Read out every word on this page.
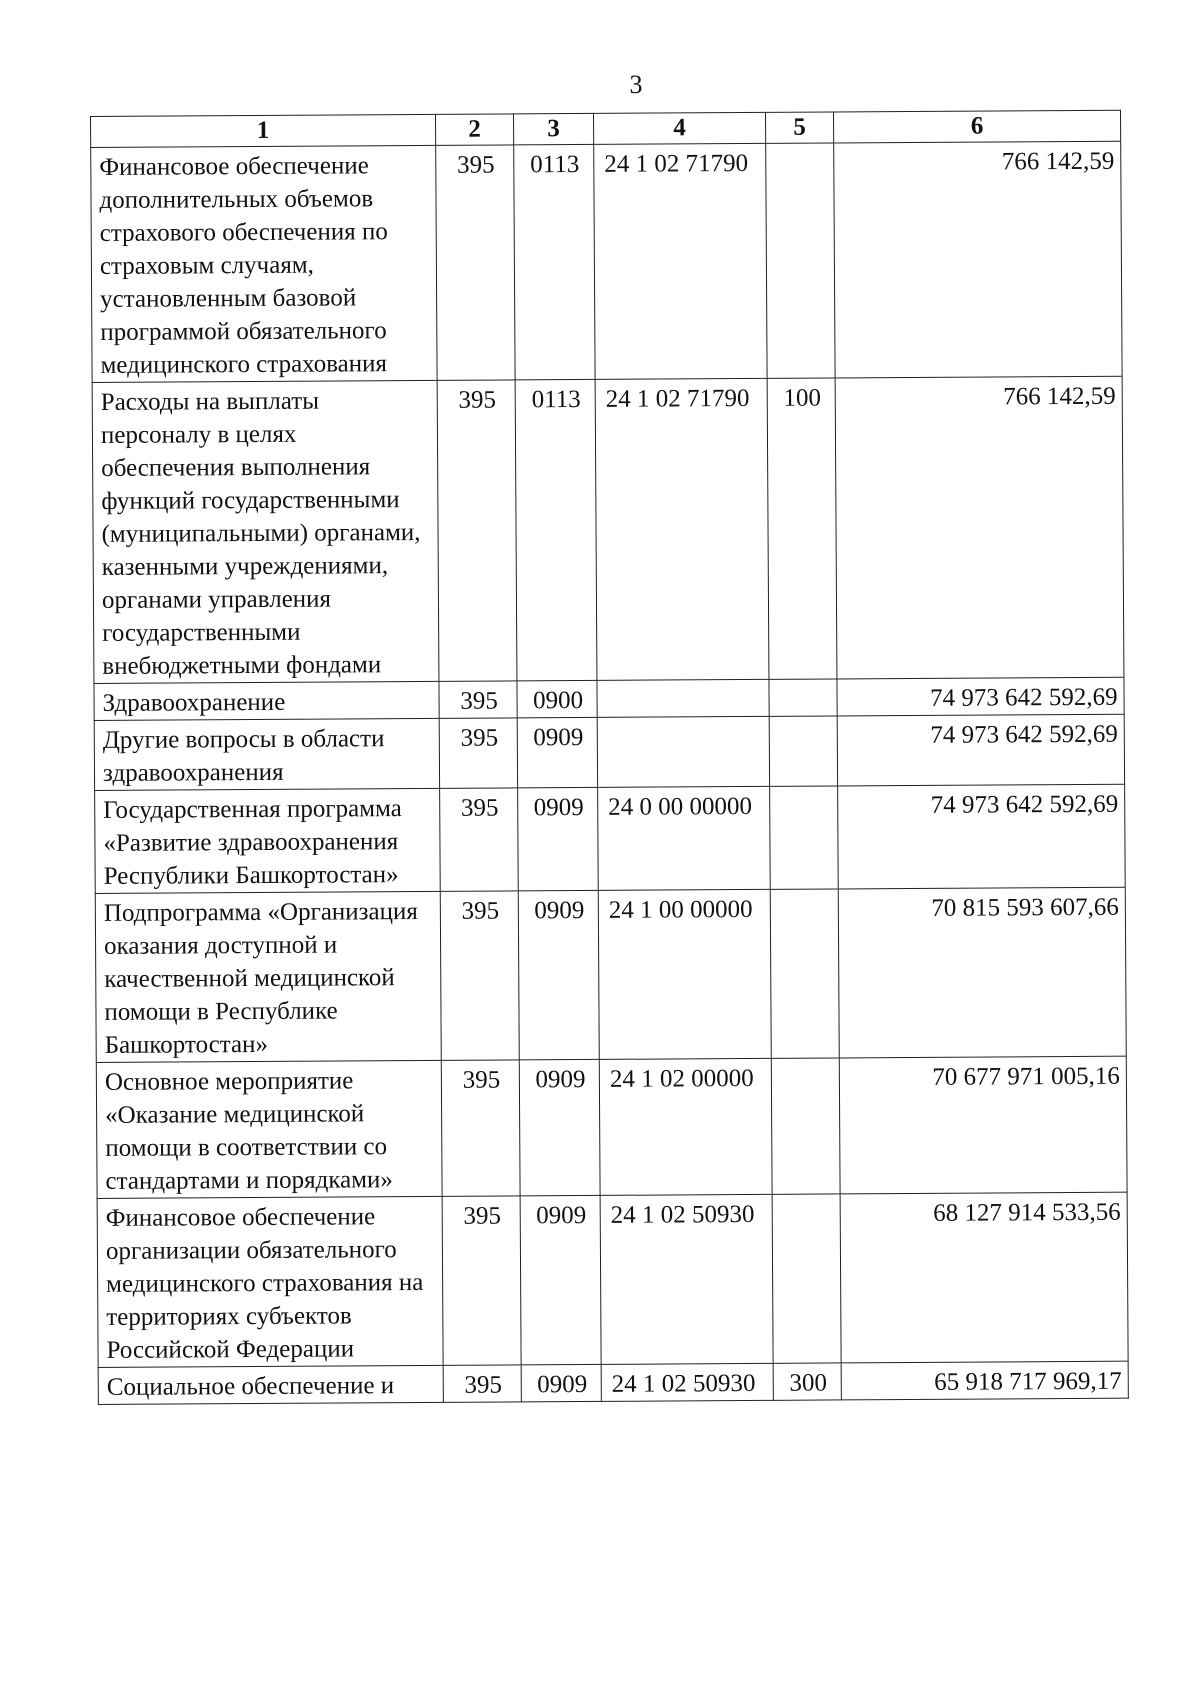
3
1	2	3	4	5	6
Финансовое обеспечение дополнительных объемов страхового обеспечения по страховым случаям, установленным базовой программой обязательного медицинского страхования	395	0113	24 1 02 71790		766 142,59
Расходы на выплаты персоналу в целях обеспечения выполнения функций государственными (муниципальными) органами, казенными учреждениями, органами управления государственными внебюджетными фондами	395	0113	24 1 02 71790	100	766 142,59
Здравоохранение	395	0900			74 973 642 592,69
Другие вопросы в области здравоохранения	395	0909			74 973 642 592,69
Государственная программа «Развитие здравоохранения Республики Башкортостан»	395	0909	24 0 00 00000		74 973 642 592,69
Подпрограмма «Организация оказания доступной и качественной медицинской помощи в Республике Башкортостан»	395	0909	24 1 00 00000		70 815 593 607,66
Основное мероприятие «Оказание медицинской помощи в соответствии со стандартами и порядками»	395	0909	24 1 02 00000		70 677 971 005,16
Финансовое обеспечение организации обязательного медицинского страхования на территориях субъектов Российской Федерации	395	0909	24 1 02 50930		68 127 914 533,56
Социальное обеспечение и	395	0909	24 1 02 50930	300	65 918 717 969,17
